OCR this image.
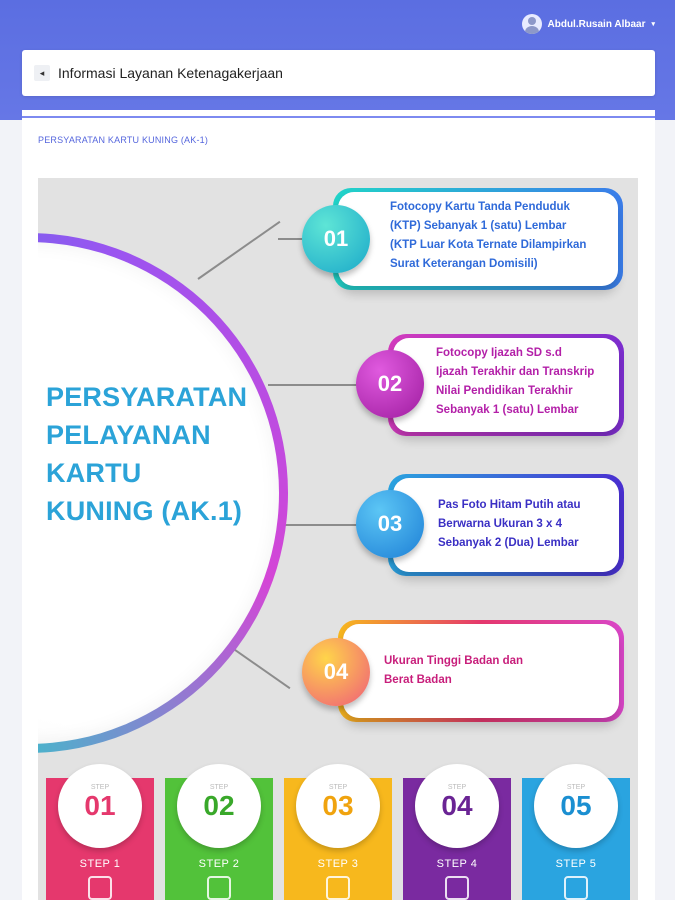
Abdul.Rusain Albaar ▾
◂ Informasi Layanan Ketenagakerjaan
PERSYARATAN KARTU KUNING (AK-1)
PERSYARATAN
PELAYANAN
KARTU
KUNING (AK.1)
01
Fotocopy Kartu Tanda Penduduk
(KTP) Sebanyak 1 (satu) Lembar
(KTP Luar Kota Ternate Dilampirkan
Surat Keterangan Domisili)
02
Fotocopy Ijazah SD s.d
Ijazah Terakhir dan Transkrip
Nilai Pendidikan Terakhir
Sebanyak 1 (satu) Lembar
03
Pas Foto Hitam Putih atau
Berwarna Ukuran 3 x 4
Sebanyak 2 (Dua) Lembar
04	Ukuran Tinggi Badan dan
Berat Badan
STEP
01
STEP 1
STEP
02
STEP 2
STEP
03
STEP 3
STEP
04
STEP 4
STEP
05
STEP 5
